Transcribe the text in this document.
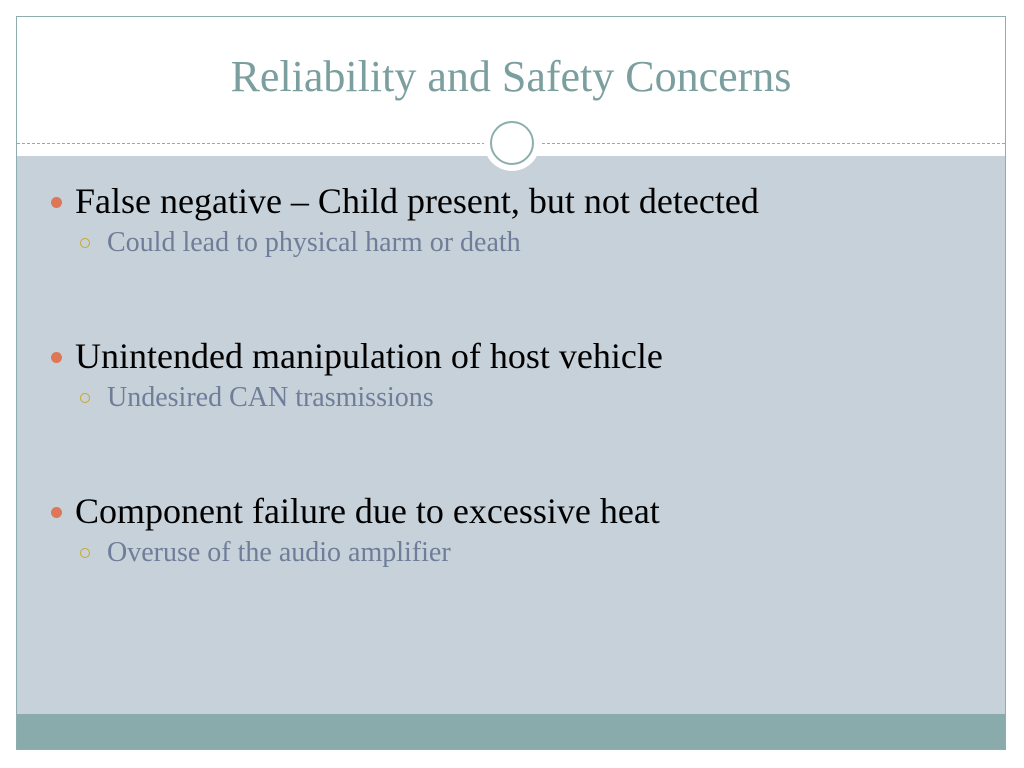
Reliability and Safety Concerns
False negative – Child present, but not detected
Could lead to physical harm or death
Unintended manipulation of host vehicle
Undesired CAN trasmissions
Component failure due to excessive heat
Overuse of the audio amplifier
